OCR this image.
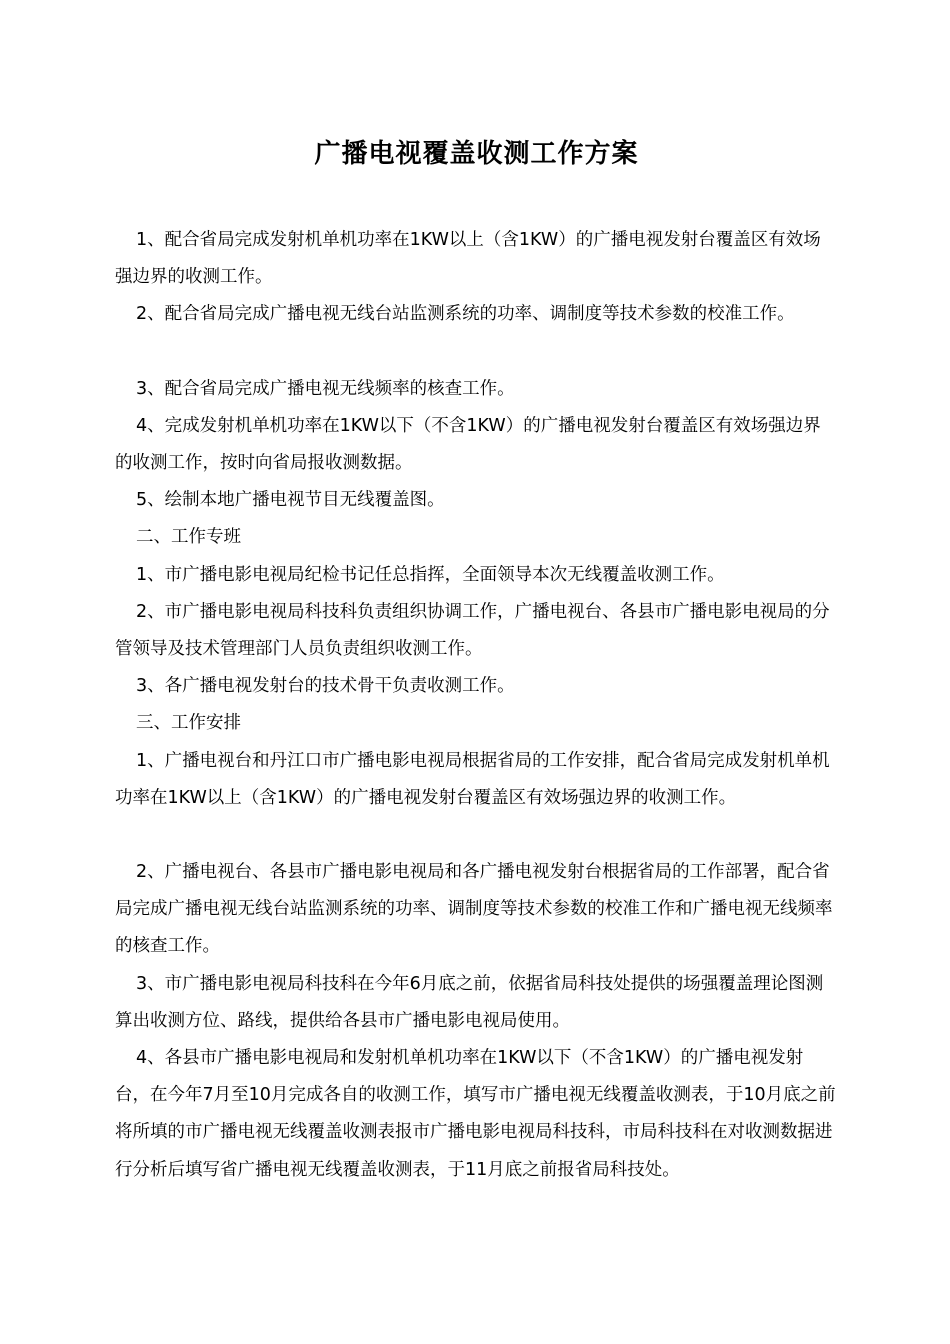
广播电视覆盖收测工作方案

1、配合省局完成发射机单机功率在1KW以上（含1KW）的广播电视发射台覆盖区有效场强边界的收测工作。

2、配合省局完成广播电视无线台站监测系统的功率、调制度等技术参数的校准工作。

3、配合省局完成广播电视无线频率的核查工作。

4、完成发射机单机功率在1KW以下（不含1KW）的广播电视发射台覆盖区有效场强边界的收测工作，按时向省局报收测数据。

5、绘制本地广播电视节目无线覆盖图。

二、工作专班

1、市广播电影电视局纪检书记任总指挥，全面领导本次无线覆盖收测工作。

2、市广播电影电视局科技科负责组织协调工作，广播电视台、各县市广播电影电视局的分管领导及技术管理部门人员负责组织收测工作。

3、各广播电视发射台的技术骨干负责收测工作。

三、工作安排

1、广播电视台和丹江口市广播电影电视局根据省局的工作安排，配合省局完成发射机单机功率在1KW以上（含1KW）的广播电视发射台覆盖区有效场强边界的收测工作。

2、广播电视台、各县市广播电影电视局和各广播电视发射台根据省局的工作部署，配合省局完成广播电视无线台站监测系统的功率、调制度等技术参数的校准工作和广播电视无线频率的核查工作。

3、市广播电影电视局科技科在今年6月底之前，依据省局科技处提供的场强覆盖理论图测算出收测方位、路线，提供给各县市广播电影电视局使用。

4、各县市广播电影电视局和发射机单机功率在1KW以下（不含1KW）的广播电视发射台，在今年7月至10月完成各自的收测工作，填写市广播电视无线覆盖收测表，于10月底之前将所填的市广播电视无线覆盖收测表报市广播电影电视局科技科，市局科技科在对收测数据进行分析后填写省广播电视无线覆盖收测表，于11月底之前报省局科技处。
